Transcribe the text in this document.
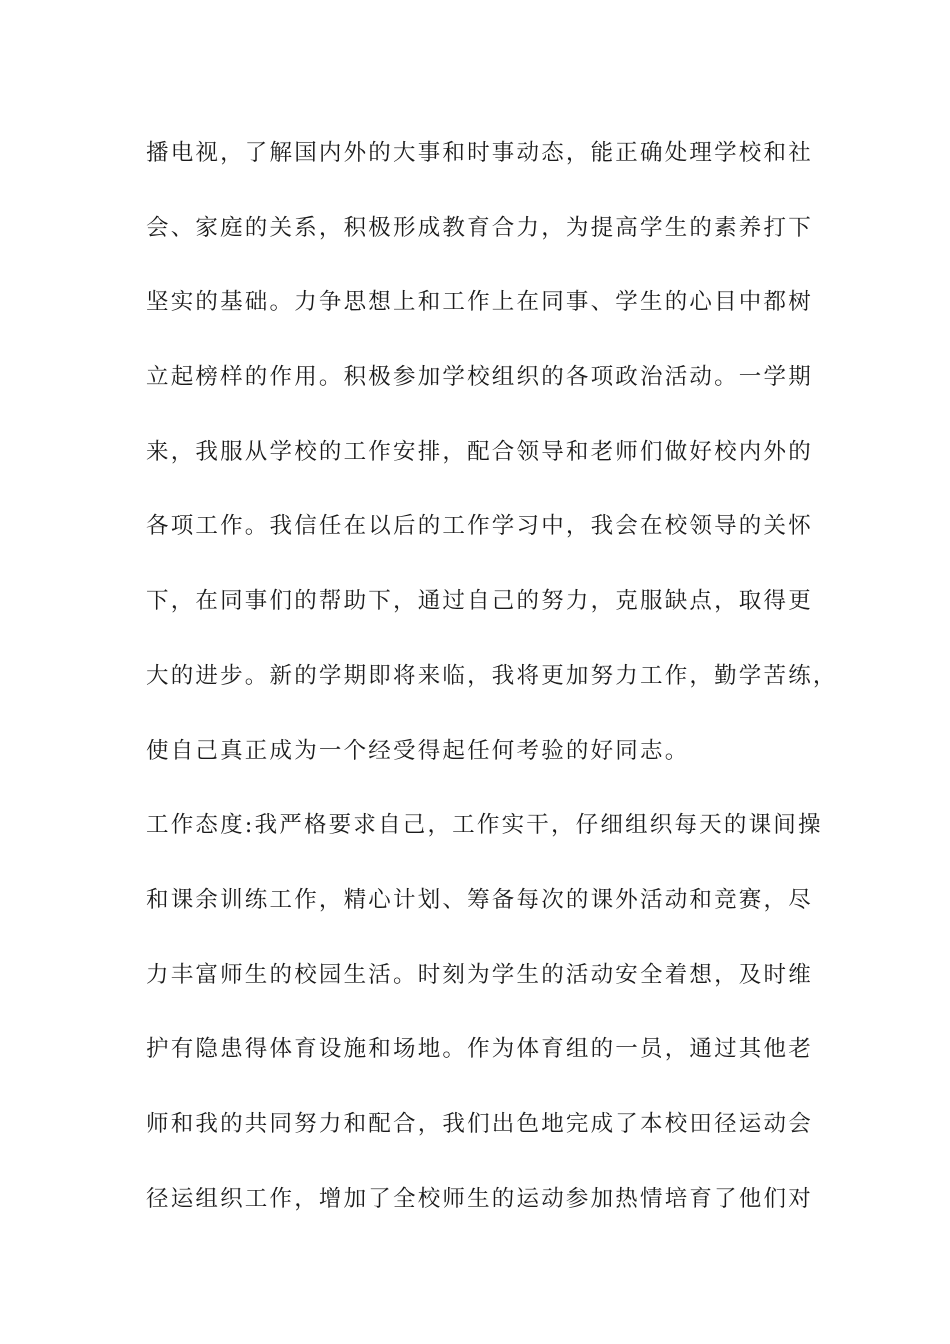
播电视，了解国内外的大事和时事动态，能正确处理学校和社
会、家庭的关系，积极形成教育合力，为提高学生的素养打下
坚实的基础。力争思想上和工作上在同事、学生的心目中都树
立起榜样的作用。积极参加学校组织的各项政治活动。一学期
来，我服从学校的工作安排，配合领导和老师们做好校内外的
各项工作。我信任在以后的工作学习中，我会在校领导的关怀
下，在同事们的帮助下，通过自己的努力，克服缺点，取得更
大的进步。新的学期即将来临，我将更加努力工作，勤学苦练，
使自己真正成为一个经受得起任何考验的好同志。
工作态度:我严格要求自己，工作实干，仔细组织每天的课间操
和课余训练工作，精心计划、筹备每次的课外活动和竞赛，尽
力丰富师生的校园生活。时刻为学生的活动安全着想，及时维
护有隐患得体育设施和场地。作为体育组的一员，通过其他老
师和我的共同努力和配合，我们出色地完成了本校田径运动会
径运组织工作，增加了全校师生的运动参加热情培育了他们对
